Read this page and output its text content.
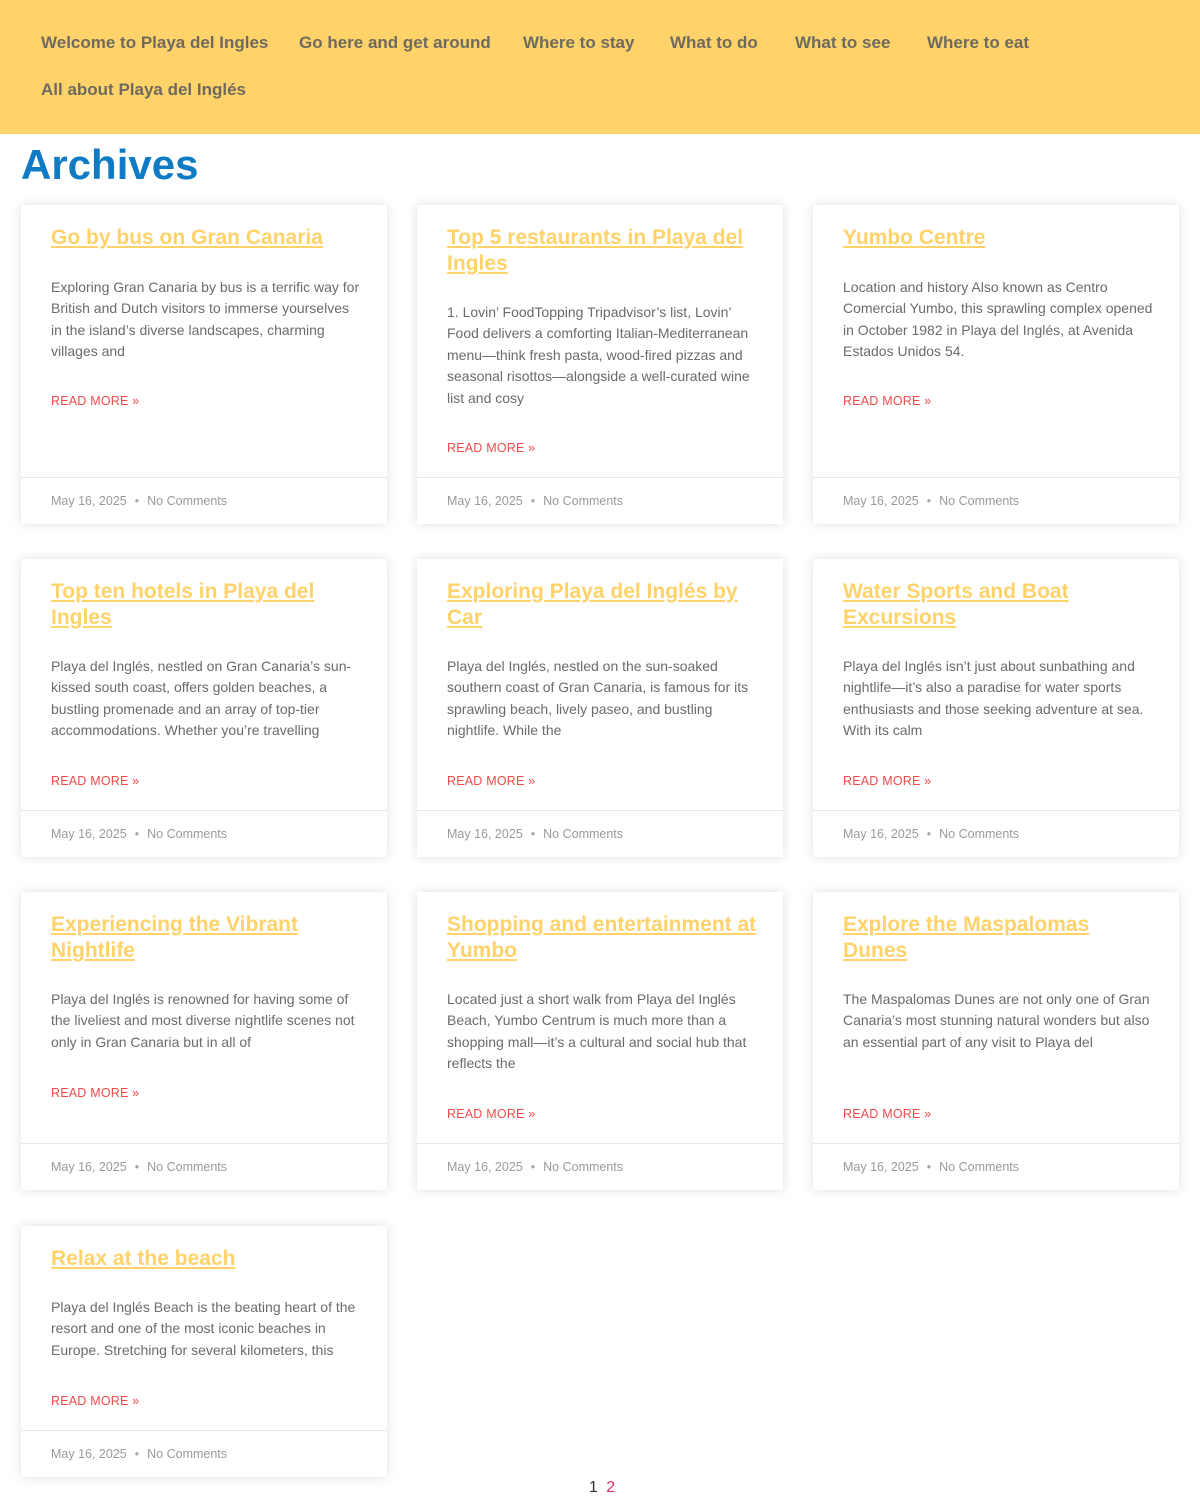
Welcome to Playa del Ingles Go here and get around Where to stay What to do What to see Where to eat
All about Playa del Inglés
Archives
Go by bus on Gran Canaria

Exploring Gran Canaria by bus is a terrific way for British and Dutch visitors to immerse yourselves in the island’s diverse landscapes, charming villages and

READ MORE »
May 16, 2025 • No Comments
Top 5 restaurants in Playa del Ingles

1. Lovin’ FoodTopping Tripadvisor’s list, Lovin’ Food delivers a comforting Italian-Mediterranean menu—think fresh pasta, wood-fired pizzas and seasonal risottos—alongside a well-curated wine list and cosy

READ MORE »
May 16, 2025 • No Comments
Yumbo Centre

Location and history Also known as Centro Comercial Yumbo, this sprawling complex opened in October 1982 in Playa del Inglés, at Avenida Estados Unidos 54.

READ MORE »
May 16, 2025 • No Comments
Top ten hotels in Playa del Ingles

Playa del Inglés, nestled on Gran Canaria’s sun-kissed south coast, offers golden beaches, a bustling promenade and an array of top-tier accommodations. Whether you’re travelling

READ MORE »
May 16, 2025 • No Comments
Exploring Playa del Inglés by Car

Playa del Inglés, nestled on the sun-soaked southern coast of Gran Canaria, is famous for its sprawling beach, lively paseo, and bustling nightlife. While the

READ MORE »
May 16, 2025 • No Comments
Water Sports and Boat Excursions

Playa del Inglés isn’t just about sunbathing and nightlife—it’s also a paradise for water sports enthusiasts and those seeking adventure at sea. With its calm

READ MORE »
May 16, 2025 • No Comments
Experiencing the Vibrant Nightlife

Playa del Inglés is renowned for having some of the liveliest and most diverse nightlife scenes not only in Gran Canaria but in all of

READ MORE »
May 16, 2025 • No Comments
Shopping and entertainment at Yumbo

Located just a short walk from Playa del Inglés Beach, Yumbo Centrum is much more than a shopping mall—it’s a cultural and social hub that reflects the

READ MORE »
May 16, 2025 • No Comments
Explore the Maspalomas Dunes

The Maspalomas Dunes are not only one of Gran Canaria’s most stunning natural wonders but also an essential part of any visit to Playa del

READ MORE »
May 16, 2025 • No Comments
Relax at the beach

Playa del Inglés Beach is the beating heart of the resort and one of the most iconic beaches in Europe. Stretching for several kilometers, this

READ MORE »
May 16, 2025 • No Comments
1 2
